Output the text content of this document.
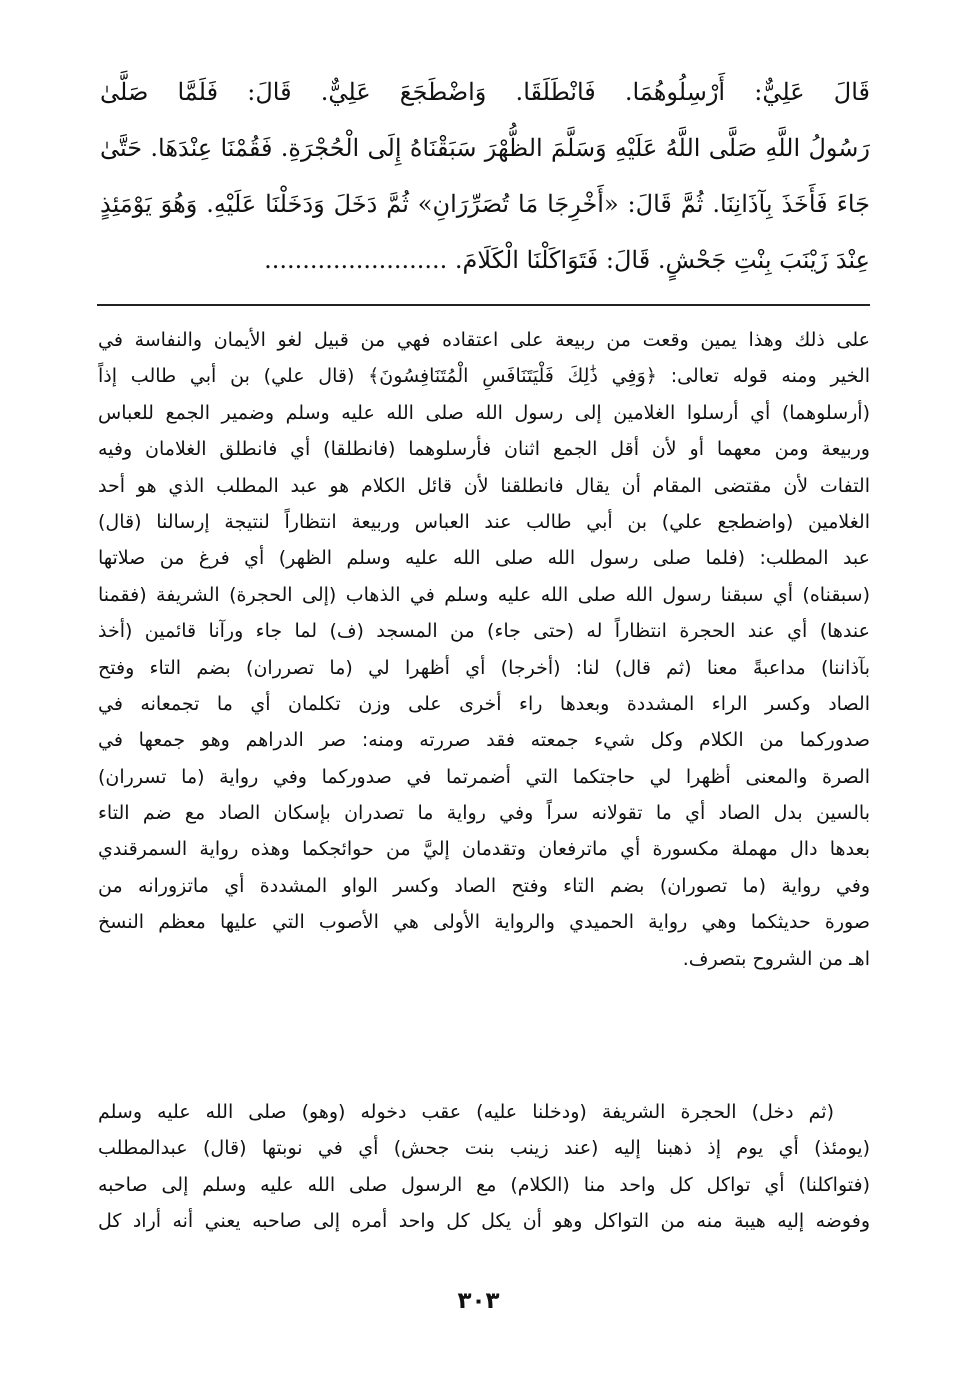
قَالَ عَلِيٌّ: أَرْسِلُوهُمَا. فَانْطَلَقَا. وَاضْطَجَعَ عَلِيٌّ. قَالَ: فَلَمَّا صَلَّىٰ
رَسُولُ اللَّهِ صَلَّى اللَّهُ عَلَيْهِ وَسَلَّمَ الظُّهْرَ سَبَقْنَاهُ إِلَى الْحُجْرَةِ. فَقُمْنَا عِنْدَهَا. حَتَّىٰ
جَاءَ فَأَخَذَ بِآذَانِنَا. ثُمَّ قَالَ: «أَخْرِجَا مَا تُصَرِّرَانِ» ثُمَّ دَخَلَ وَدَخَلْنَا عَلَيْهِ. وَهُوَ يَوْمَئِذٍ
عِنْدَ زَيْنَبَ بِنْتِ جَحْشٍ. قَالَ: فَتَوَاكَلْنَا الْكَلَامَ. ........................
على ذلك وهذا يمين وقعت من ربيعة على اعتقاده فهي من قبيل لغو الأيمان والنفاسة في
الخير ومنه قوله تعالى: ﴿وَفِي ذَٰلِكَ فَلْيَتَنَافَسِ الْمُتَنَافِسُونَ﴾ (قال علي) بن أبي طالب إذاً
(أرسلوهما) أي أرسلوا الغلامين إلى رسول الله صلى الله عليه وسلم وضمير الجمع للعباس
وربيعة ومن معهما أو لأن أقل الجمع اثنان فأرسلوهما (فانطلقا) أي فانطلق الغلامان وفيه
التفات لأن مقتضى المقام أن يقال فانطلقنا لأن قائل الكلام هو عبد المطلب الذي هو أحد
الغلامين (واضطجع علي) بن أبي طالب عند العباس وربيعة انتظاراً لنتيجة إرسالنا (قال)
عبد المطلب: (فلما صلى رسول الله صلى الله عليه وسلم الظهر) أي فرغ من صلاتها
(سبقناه) أي سبقنا رسول الله صلى الله عليه وسلم في الذهاب (إلى الحجرة) الشريفة (فقمنا
عندها) أي عند الحجرة انتظاراً له (حتى جاء) من المسجد (ف) لما جاء ورآنا قائمين (أخذ
بآذاننا) مداعبةً معنا (ثم قال) لنا: (أخرجا) أي أظهرا لي (ما تصرران) بضم التاء وفتح
الصاد وكسر الراء المشددة وبعدها راء أخرى على وزن تكلمان أي ما تجمعانه في
صدوركما من الكلام وكل شيء جمعته فقد صررته ومنه: صر الدراهم وهو جمعها في
الصرة والمعنى أظهرا لي حاجتكما التي أضمرتما في صدوركما وفي رواية (ما تسرران)
بالسين بدل الصاد أي ما تقولانه سراً وفي رواية ما تصدران بإسكان الصاد مع ضم التاء
بعدها دال مهملة مكسورة أي ماترفعان وتقدمان إليَّ من حوائجكما وهذه رواية السمرقندي
وفي رواية (ما تصوران) بضم التاء وفتح الصاد وكسر الواو المشددة أي ماتزورانه من
صورة حديثكما وهي رواية الحميدي والرواية الأولى هي الأصوب التي عليها معظم النسخ
اهـ من الشروح بتصرف.
(ثم دخل) الحجرة الشريفة (ودخلنا عليه) عقب دخوله (وهو) صلى الله عليه وسلم
(يومئذ) أي يوم إذ ذهبنا إليه (عند زينب بنت جحش) أي في نوبتها (قال) عبدالمطلب
(فتواكلنا) أي تواكل كل واحد منا (الكلام) مع الرسول صلى الله عليه وسلم إلى صاحبه
وفوضه إليه هيبة منه من التواكل وهو أن يكل كل واحد أمره إلى صاحبه يعني أنه أراد كل
٣٠٣
